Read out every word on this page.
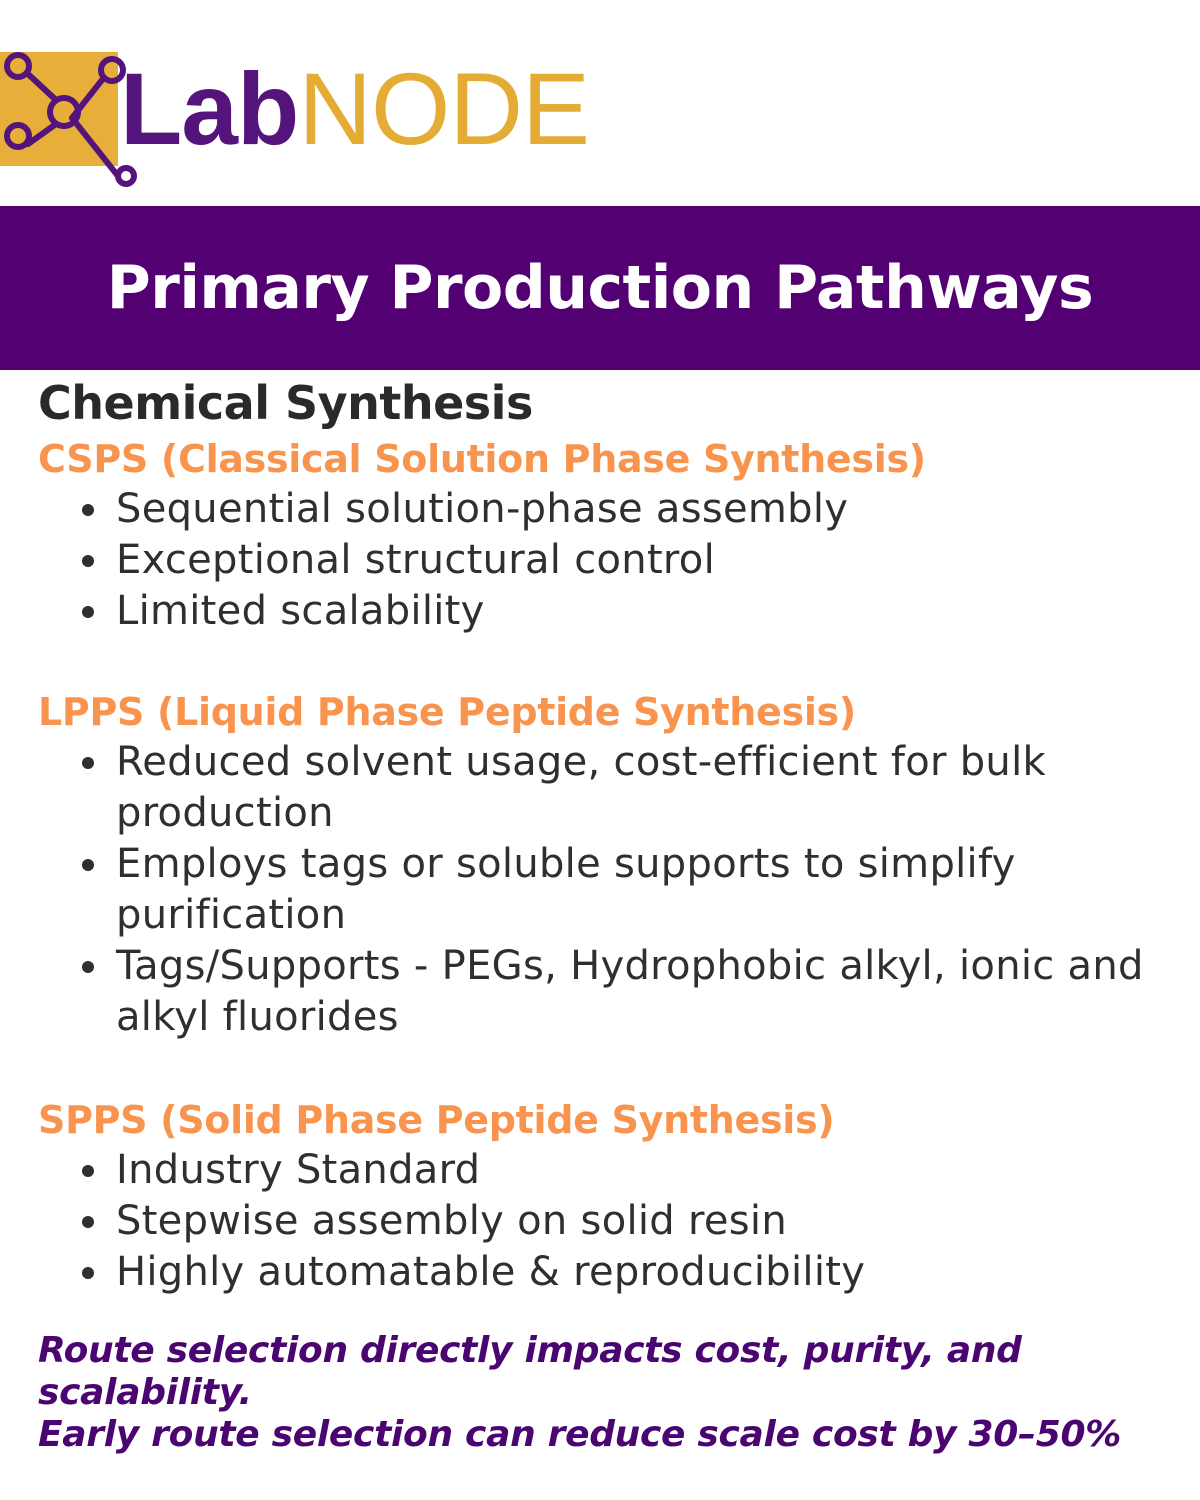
LabNODE
Primary Production Pathways
Chemical Synthesis
CSPS (Classical Solution Phase Synthesis)
Sequential solution-phase assembly
Exceptional structural control
Limited scalability
LPPS (Liquid Phase Peptide Synthesis)
Reduced solvent usage, cost-efficient for bulk production
Employs tags or soluble supports to simplify purification
Tags/Supports - PEGs, Hydrophobic alkyl, ionic and alkyl fluorides
SPPS (Solid Phase Peptide Synthesis)
Industry Standard
Stepwise assembly on solid resin
Highly automatable & reproducibility

Route selection directly impacts cost, purity, and scalability.

Early route selection can reduce scale cost by 30–50%
